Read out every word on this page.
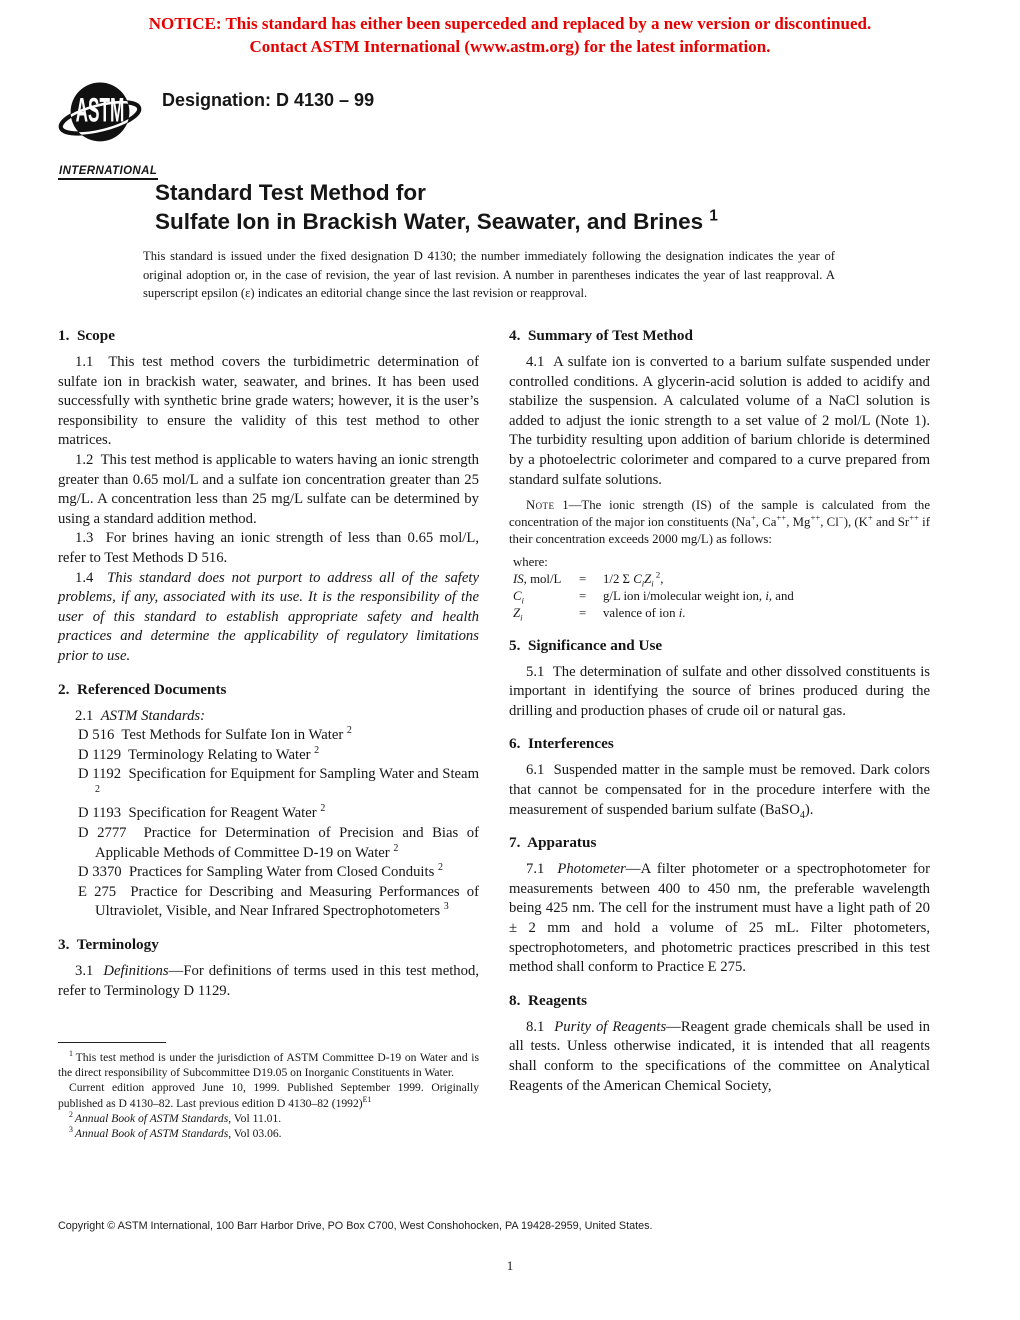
NOTICE: This standard has either been superceded and replaced by a new version or discontinued.
Contact ASTM International (www.astm.org) for the latest information.
ASTM
INTERNATIONAL
Designation: D 4130 – 99
Standard Test Method for
Sulfate Ion in Brackish Water, Seawater, and Brines $^1$
This standard is issued under the fixed designation D 4130; the number immediately following the designation indicates the year of original adoption or, in the case of revision, the year of last revision. A number in parentheses indicates the year of last reapproval. A superscript epsilon (ε) indicates an editorial change since the last revision or reapproval.
1.  Scope

1.1  This test method covers the turbidimetric determination of sulfate ion in brackish water, seawater, and brines. It has been used successfully with synthetic brine grade waters; however, it is the user’s responsibility to ensure the validity of this test method to other matrices.

1.2  This test method is applicable to waters having an ionic strength greater than 0.65 mol/L and a sulfate ion concentration greater than 25 mg/L. A concentration less than 25 mg/L sulfate can be determined by using a standard addition method.

1.3  For brines having an ionic strength of less than 0.65 mol/L, refer to Test Methods D 516.

1.4  This standard does not purport to address all of the safety problems, if any, associated with its use. It is the responsibility of the user of this standard to establish appropriate safety and health practices and determine the applicability of regulatory limitations prior to use.

2.  Referenced Documents

2.1  ASTM Standards:

D 516  Test Methods for Sulfate Ion in Water $^2$
D 1129  Terminology Relating to Water $^2$
D 1192  Specification for Equipment for Sampling Water and Steam $^2$
D 1193  Specification for Reagent Water $^2$
D 2777  Practice for Determination of Precision and Bias of Applicable Methods of Committee D-19 on Water $^2$
D 3370  Practices for Sampling Water from Closed Conduits $^2$
E 275  Practice for Describing and Measuring Performances of Ultraviolet, Visible, and Near Infrared Spectrophotometers $^3$
3.  Terminology

3.1  Definitions—For definitions of terms used in this test method, refer to Terminology D 1129.

4.  Summary of Test Method

4.1  A sulfate ion is converted to a barium sulfate suspended under controlled conditions. A glycerin-acid solution is added to acidify and stabilize the suspension. A calculated volume of a NaCl solution is added to adjust the ionic strength to a set value of 2 mol/L (Note 1). The turbidity resulting upon addition of barium chloride is determined by a photoelectric colorimeter and compared to a curve prepared from standard sulfate solutions.

Note 1—The ionic strength (IS) of the sample is calculated from the concentration of the major ion constituents (Na+, Ca++, Mg++, Cl−), (K+ and Sr++ if their concentration exceeds 2000 mg/L) as follows:

where:
IS, mol/L	=	1/2 Σ $C_iZ_i$ $^2$,
$C_i$	=	g/L ion i/molecular weight ion, i, and
$Z_i$	=	valence of ion i.
5.  Significance and Use

5.1  The determination of sulfate and other dissolved constituents is important in identifying the source of brines produced during the drilling and production phases of crude oil or natural gas.

6.  Interferences

6.1  Suspended matter in the sample must be removed. Dark colors that cannot be compensated for in the procedure interfere with the measurement of suspended barium sulfate (BaSO$_4$).

7.  Apparatus

7.1  Photometer—A filter photometer or a spectrophotometer for measurements between 400 to 450 nm, the preferable wavelength being 425 nm. The cell for the instrument must have a light path of 20 ± 2 mm and hold a volume of 25 mL. Filter photometers, spectrophotometers, and photometric practices prescribed in this test method shall conform to Practice E 275.

8.  Reagents

8.1  Purity of Reagents—Reagent grade chemicals shall be used in all tests. Unless otherwise indicated, it is intended that all reagents shall conform to the specifications of the committee on Analytical Reagents of the American Chemical Society,

$^1$ This test method is under the jurisdiction of ASTM Committee D-19 on Water and is the direct responsibility of Subcommittee D19.05 on Inorganic Constituents in Water.

Current edition approved June 10, 1999. Published September 1999. Originally published as D 4130–82. Last previous edition D 4130–82 $(1992)^{E1}$

$^2$ Annual Book of ASTM Standards, Vol 11.01.

$^3$ Annual Book of ASTM Standards, Vol 03.06.

Copyright © ASTM International, 100 Barr Harbor Drive, PO Box C700, West Conshohocken, PA 19428-2959, United States.
1
